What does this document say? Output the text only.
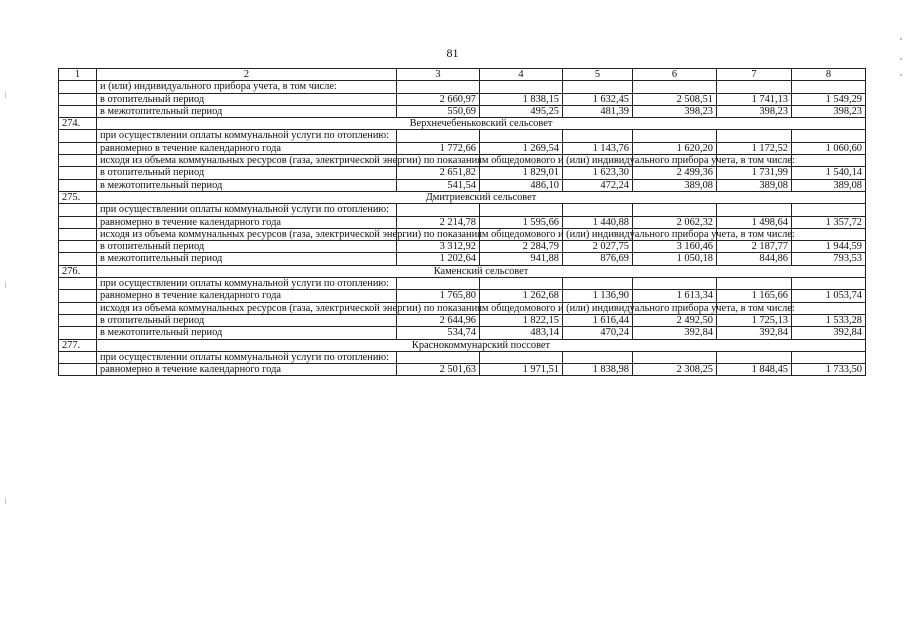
81
1	2	3	4	5	6	7	8
	и (или) индивидуального прибора учета, в том числе:						
	в отопительный период	2 660,97	1 838,15	1 632,45	2 508,51	1 741,13	1 549,29
	в межотопительный период	550,69	495,25	481,39	398,23	398,23	398,23
274.	Верхнечебеньковский сельсовет						
	при осуществлении оплаты коммунальной услуги по отоплению:						
	равномерно в течение календарного года	1 772,66	1 269,54	1 143,76	1 620,20	1 172,52	1 060,60
	исходя из объема коммунальных ресурсов (газа, электрической энергии) по показаниям общедомового и (или) индивидуального прибора учета, в том числе:						
	в отопительный период	2 651,82	1 829,01	1 623,30	2 499,36	1 731,99	1 540,14
	в межотопительный период	541,54	486,10	472,24	389,08	389,08	389,08
275.	Дмитриевский сельсовет						
	при осуществлении оплаты коммунальной услуги по отоплению:						
	равномерно в течение календарного года	2 214,78	1 595,66	1 440,88	2 062,32	1 498,64	1 357,72
	исходя из объема коммунальных ресурсов (газа, электрической энергии) по показаниям общедомового и (или) индивидуального прибора учета, в том числе:						
	в отопительный период	3 312,92	2 284,79	2 027,75	3 160,46	2 187,77	1 944,59
	в межотопительный период	1 202,64	941,88	876,69	1 050,18	844,86	793,53
276.	Каменский сельсовет						
	при осуществлении оплаты коммунальной услуги по отоплению:						
	равномерно в течение календарного года	1 765,80	1 262,68	1 136,90	1 613,34	1 165,66	1 053,74
	исходя из объема коммунальных ресурсов (газа, электрической энергии) по показаниям общедомового и (или) индивидуального прибора учета, в том числе:						
	в отопительный период	2 644,96	1 822,15	1 616,44	2 492,50	1 725,13	1 533,28
	в межотопительный период	534,74	483,14	470,24	392,84	392,84	392,84
277.	Краснокоммунарский поссовет						
	при осуществлении оплаты коммунальной услуги по отоплению:						
	равномерно в течение календарного года	2 501,63	1 971,51	1 838,98	2 308,25	1 848,45	1 733,50
